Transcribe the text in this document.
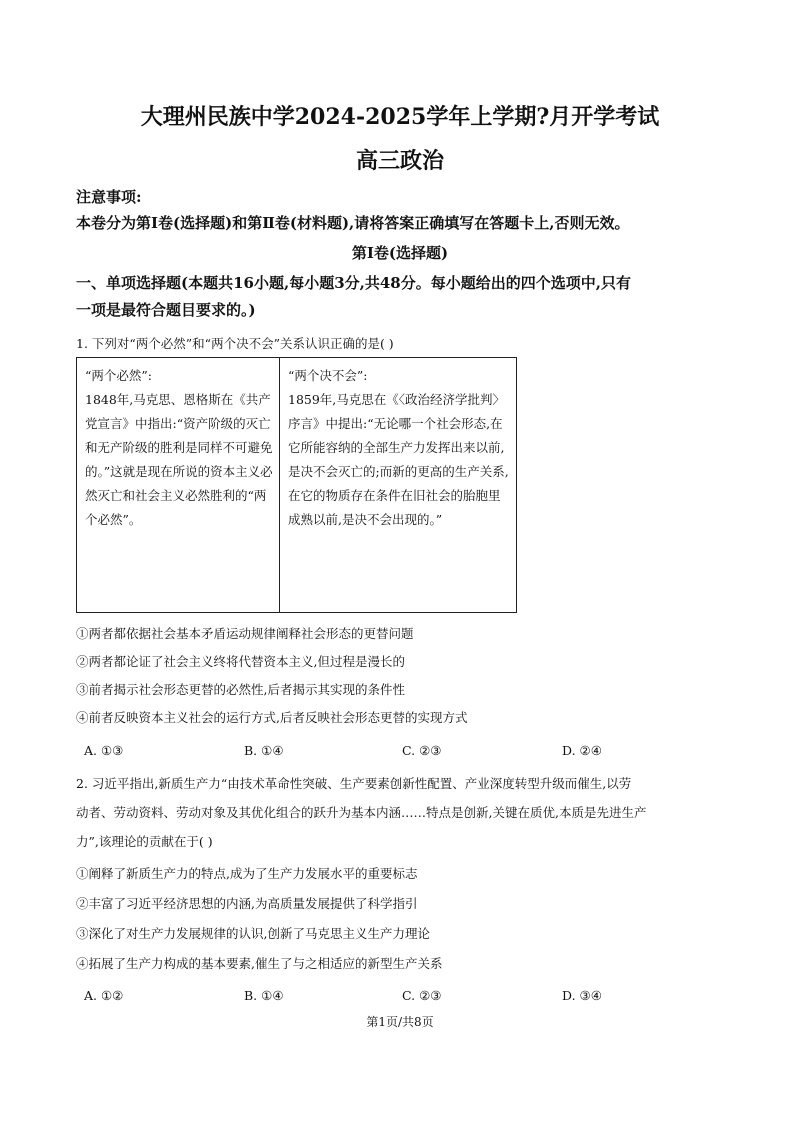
大理州民族中学2024-2025学年上学期?月开学考试
高三政治
注意事项:
本卷分为第Ⅰ卷(选择题)和第Ⅱ卷(材料题),请将答案正确填写在答题卡上,否则无效。
第Ⅰ卷(选择题)
一、单项选择题(本题共16小题,每小题3分,共48分。每小题给出的四个选项中,只有
一项是最符合题目要求的。)
1. 下列对“两个必然”和“两个决不会”关系认识正确的是( )
“两个必然”:
1848年,马克思、恩格斯在《共产党宣言》中指出:“资产阶级的灭亡和无产阶级的胜利是同样不可避免的。”这就是现在所说的资本主义必然灭亡和社会主义必然胜利的“两个必然”。

“两个决不会”:
1859年,马克思在《〈政治经济学批判〉序言》中提出:“无论哪一个社会形态,在它所能容纳的全部生产力发挥出来以前,是决不会灭亡的;而新的更高的生产关系,在它的物质存在条件在旧社会的胎胞里成熟以前,是决不会出现的。”
①两者都依据社会基本矛盾运动规律阐释社会形态的更替问题
②两者都论证了社会主义终将代替资本主义,但过程是漫长的
③前者揭示社会形态更替的必然性,后者揭示其实现的条件性
④前者反映资本主义社会的运行方式,后者反映社会形态更替的实现方式
A. ①③	B. ①④	C. ②③	D. ②④
2. 习近平指出,新质生产力“由技术革命性突破、生产要素创新性配置、产业深度转型升级而催生,以劳
动者、劳动资料、劳动对象及其优化组合的跃升为基本内涵……特点是创新,关键在质优,本质是先进生产
力”,该理论的贡献在于( )
①阐释了新质生产力的特点,成为了生产力发展水平的重要标志
②丰富了习近平经济思想的内涵,为高质量发展提供了科学指引
③深化了对生产力发展规律的认识,创新了马克思主义生产力理论
④拓展了生产力构成的基本要素,催生了与之相适应的新型生产关系
A. ①②	B. ①④	C. ②③	D. ③④
第1页/共8页
